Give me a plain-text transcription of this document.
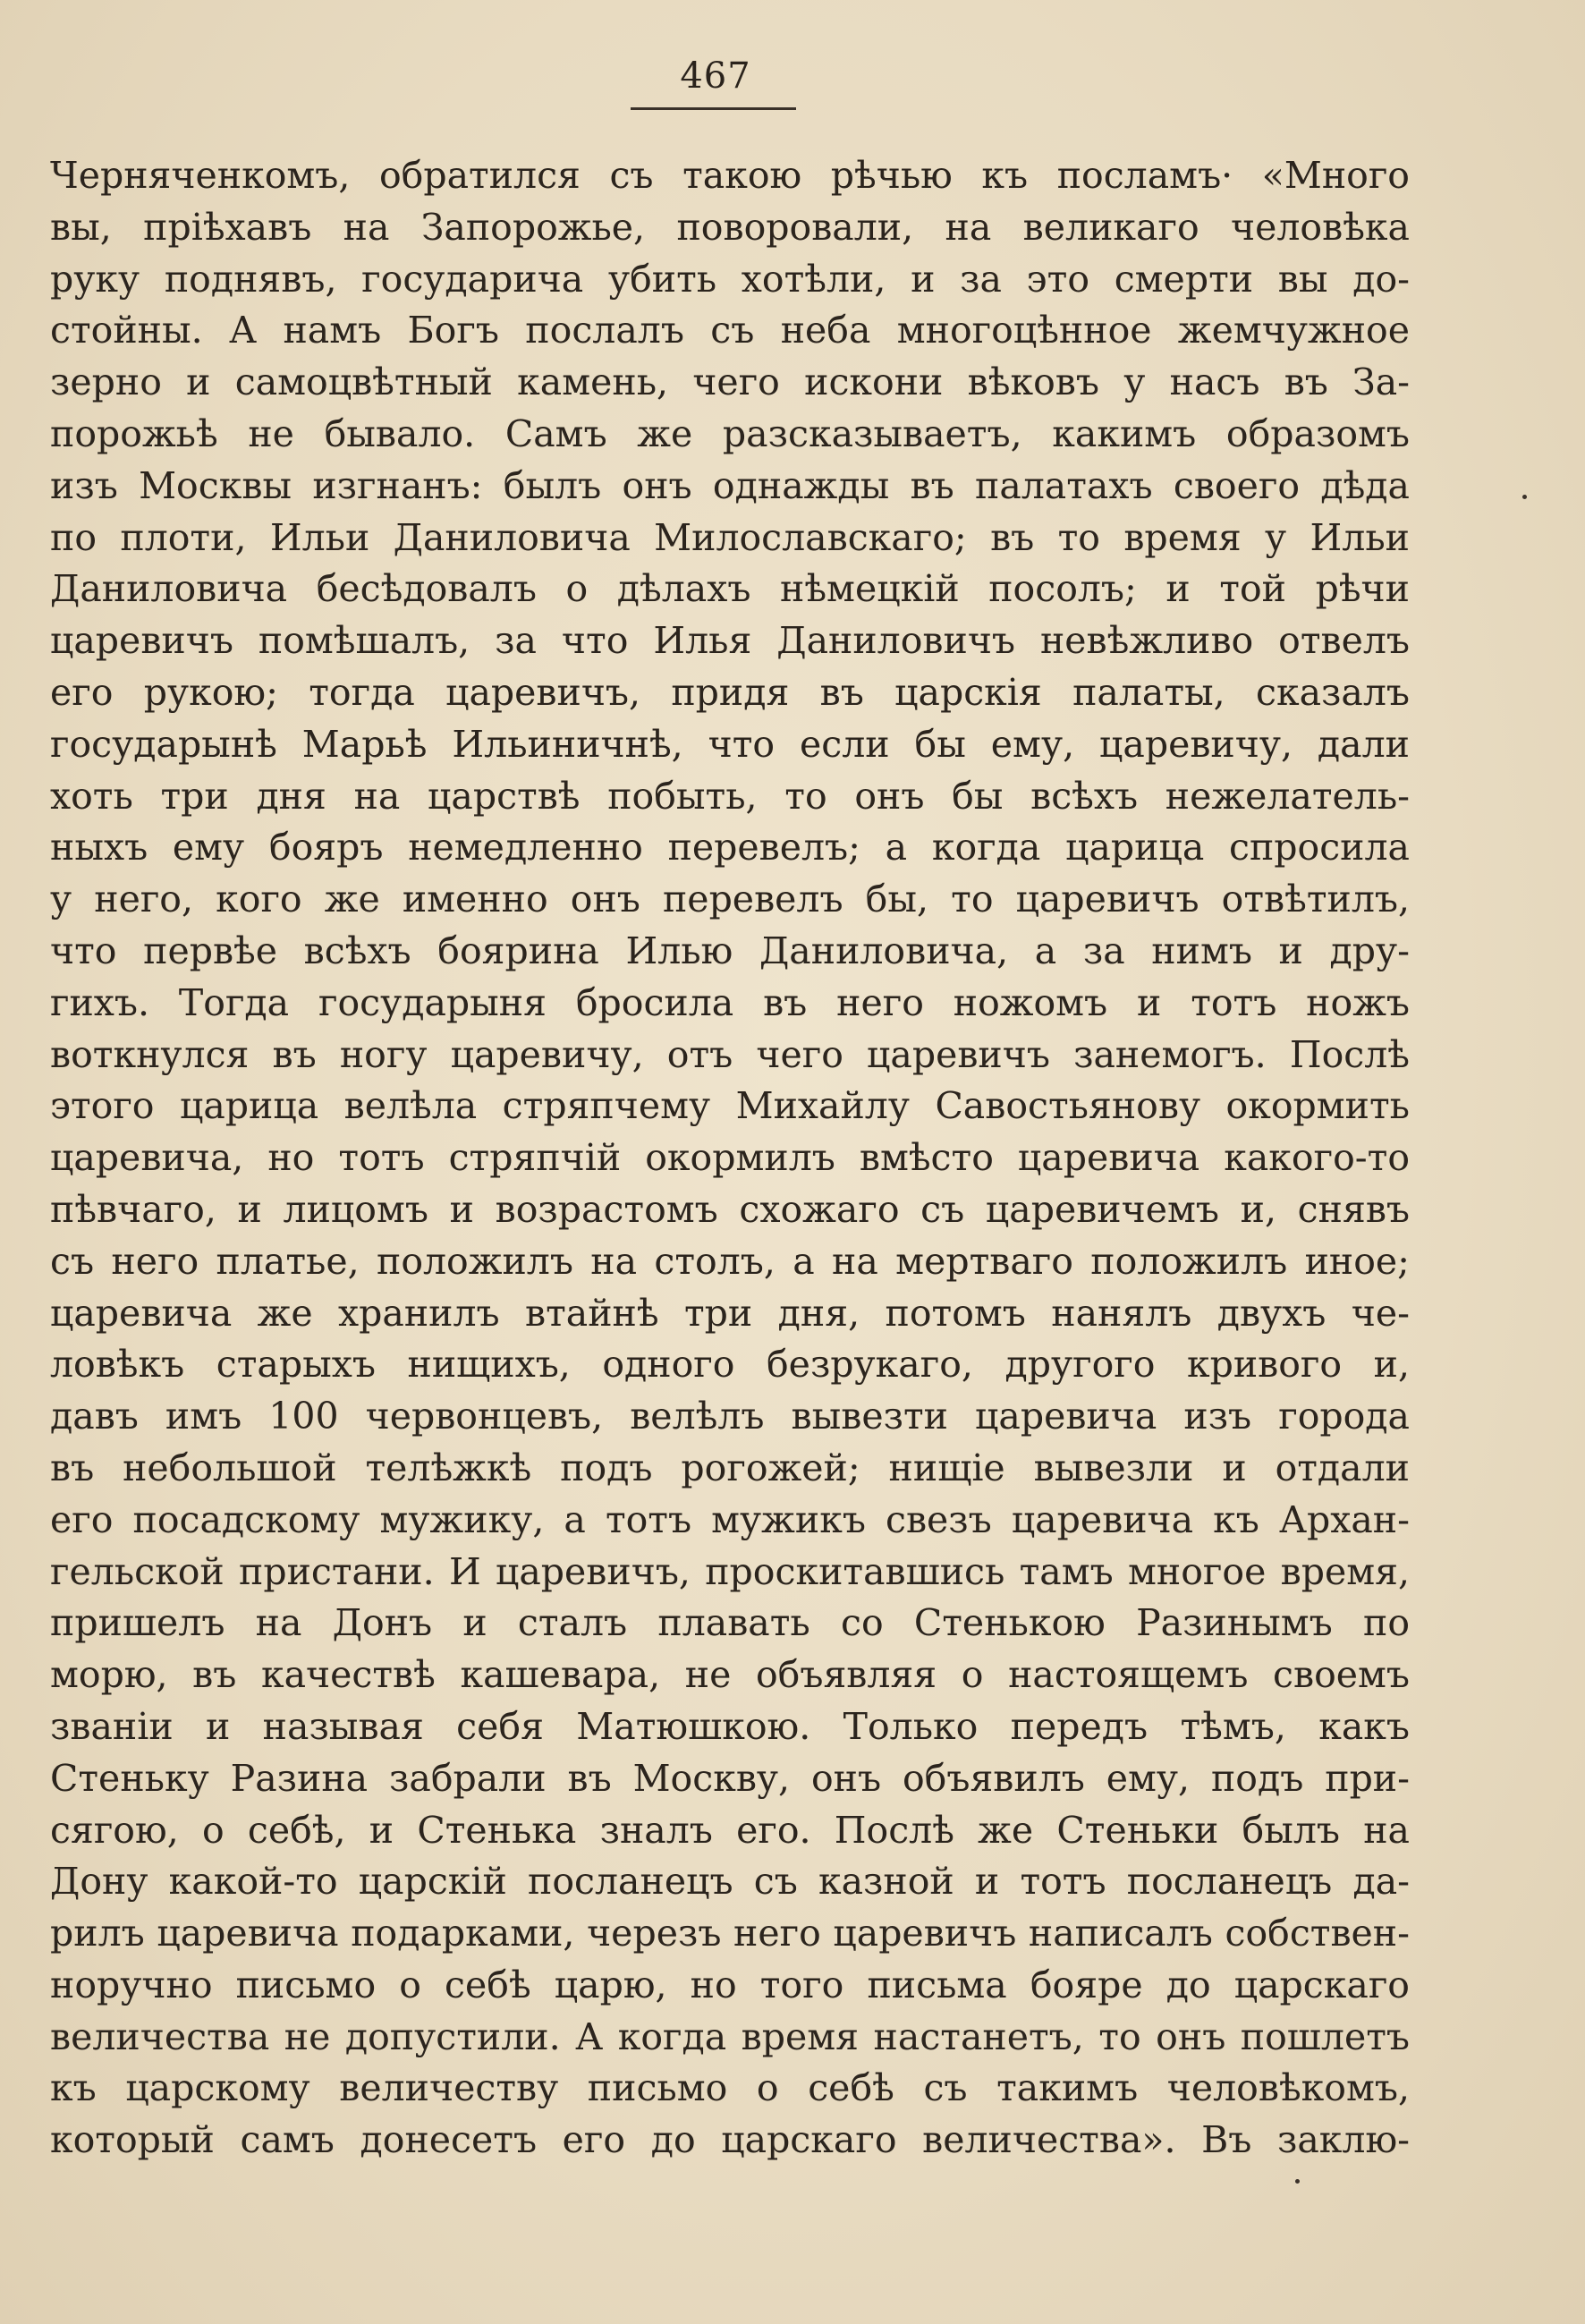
467
Черняченкомъ, обратился съ такою рѣчью къ посламъ· «Много
вы, пріѣхавъ на Запорожье, поворовали, на великаго человѣка
руку поднявъ, государича убить хотѣли, и за это смерти вы до-
стойны. А намъ Богъ послалъ съ неба многоцѣнное жемчужное
зерно и самоцвѣтный камень, чего искони вѣковъ у насъ въ За-
порожьѣ не бывало. Самъ же разсказываетъ, какимъ образомъ
изъ Москвы изгнанъ: былъ онъ однажды въ палатахъ своего дѣда
по плоти, Ильи Даниловича Милославскаго; въ то время у Ильи
Даниловича бесѣдовалъ о дѣлахъ нѣмецкій посолъ; и той рѣчи
царевичъ помѣшалъ, за что Илья Даниловичъ невѣжливо отвелъ
его рукою; тогда царевичъ, придя въ царскія палаты, сказалъ
государынѣ Марьѣ Ильиничнѣ, что если бы ему, царевичу, дали
хоть три дня на царствѣ побыть, то онъ бы всѣхъ нежелатель-
ныхъ ему бояръ немедленно перевелъ; а когда царица спросила
у него, кого же именно онъ перевелъ бы, то царевичъ отвѣтилъ,
что первѣе всѣхъ боярина Илью Даниловича, а за нимъ и дру-
гихъ. Тогда государыня бросила въ него ножомъ и тотъ ножъ
воткнулся въ ногу царевичу, отъ чего царевичъ занемогъ. Послѣ
этого царица велѣла стряпчему Михайлу Савостьянову окормить
царевича, но тотъ стряпчій окормилъ вмѣсто царевича какого-то
пѣвчаго, и лицомъ и возрастомъ схожаго съ царевичемъ и, снявъ
съ него платье, положилъ на столъ, а на мертваго положилъ иное;
царевича же хранилъ втайнѣ три дня, потомъ нанялъ двухъ че-
ловѣкъ старыхъ нищихъ, одного безрукаго, другого кривого и,
давъ имъ 100 червонцевъ, велѣлъ вывезти царевича изъ города
въ небольшой телѣжкѣ подъ рогожей; нищіе вывезли и отдали
его посадскому мужику, а тотъ мужикъ свезъ царевича къ Архан-
гельской пристани. И царевичъ, проскитавшись тамъ многое время,
пришелъ на Донъ и сталъ плавать со Стенькою Разинымъ по
морю, въ качествѣ кашевара, не объявляя о настоящемъ своемъ
званіи и называя себя Матюшкою. Только передъ тѣмъ, какъ
Стеньку Разина забрали въ Москву, онъ объявилъ ему, подъ при-
сягою, о себѣ, и Стенька зналъ его. Послѣ же Стеньки былъ на
Дону какой-то царскій посланецъ съ казной и тотъ посланецъ да-
рилъ царевича подарками, черезъ него царевичъ написалъ собствен-
норучно письмо о себѣ царю, но того письма бояре до царскаго
величества не допустили. А когда время настанетъ, то онъ пошлетъ
къ царскому величеству письмо о себѣ съ такимъ человѣкомъ,
который самъ донесетъ его до царскаго величества». Въ заклю-
